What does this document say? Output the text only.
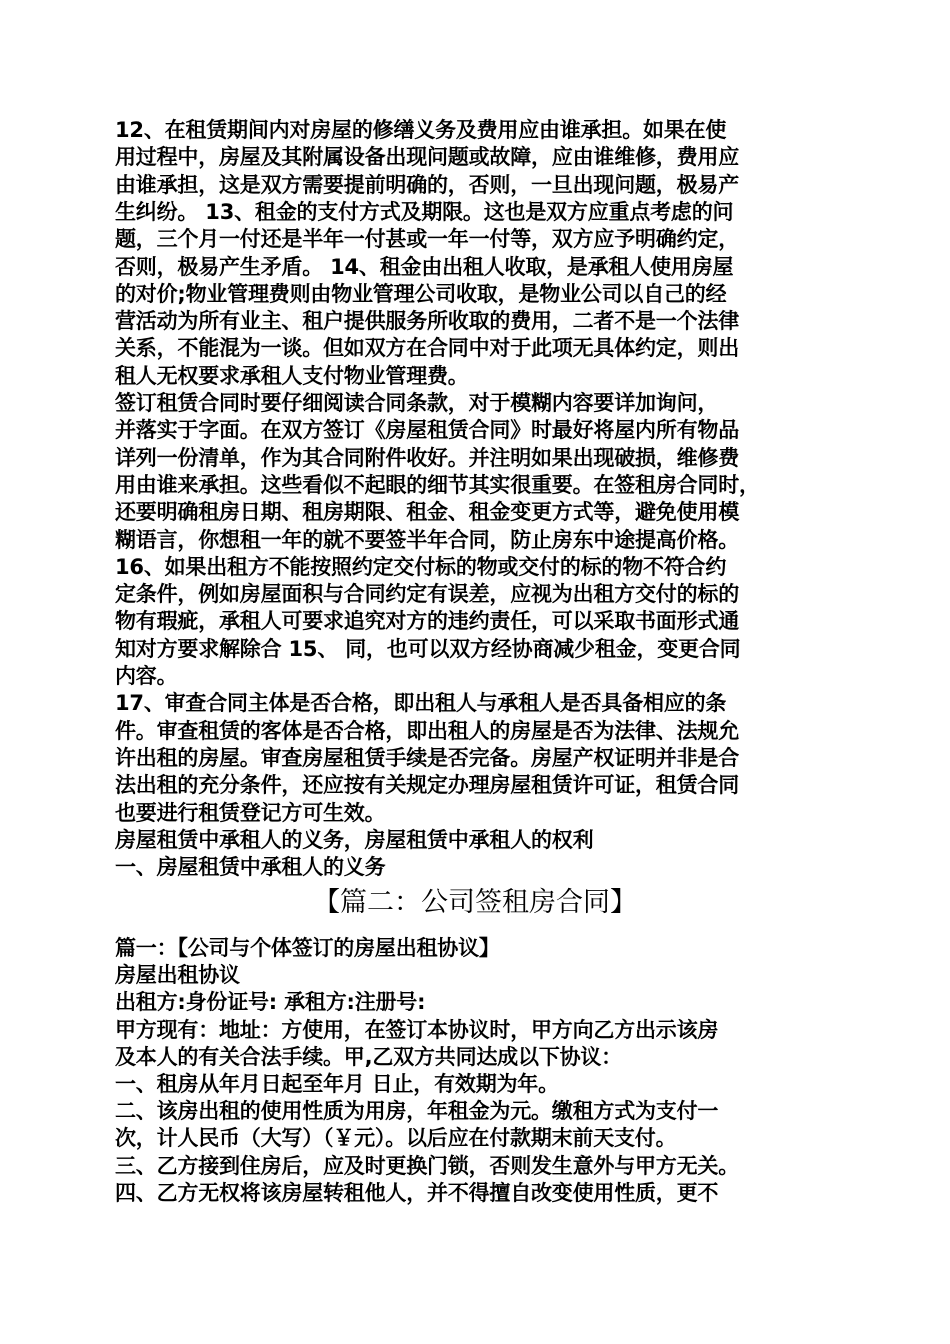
12、在租赁期间内对房屋的修缮义务及费用应由谁承担。如果在使
用过程中，房屋及其附属设备出现问题或故障，应由谁维修，费用应
由谁承担，这是双方需要提前明确的，否则，一旦出现问题，极易产
生纠纷。 13、租金的支付方式及期限。这也是双方应重点考虑的问
题，三个月一付还是半年一付甚或一年一付等，双方应予明确约定，
否则，极易产生矛盾。 14、租金由出租人收取，是承租人使用房屋
的对价;物业管理费则由物业管理公司收取，是物业公司以自己的经
营活动为所有业主、租户提供服务所收取的费用，二者不是一个法律
关系，不能混为一谈。但如双方在合同中对于此项无具体约定，则出
租人无权要求承租人支付物业管理费。
签订租赁合同时要仔细阅读合同条款，对于模糊内容要详加询问，
并落实于字面。在双方签订《房屋租赁合同》时最好将屋内所有物品
详列一份清单，作为其合同附件收好。并注明如果出现破损，维修费
用由谁来承担。这些看似不起眼的细节其实很重要。在签租房合同时，
还要明确租房日期、租房期限、租金、租金变更方式等，避免使用模
糊语言，你想租一年的就不要签半年合同，防止房东中途提高价格。
16、如果出租方不能按照约定交付标的物或交付的标的物不符合约
定条件，例如房屋面积与合同约定有误差，应视为出租方交付的标的
物有瑕疵，承租人可要求追究对方的违约责任，可以采取书面形式通
知对方要求解除合 15、 同，也可以双方经协商减少租金，变更合同
内容。
17、审查合同主体是否合格，即出租人与承租人是否具备相应的条
件。审查租赁的客体是否合格，即出租人的房屋是否为法律、法规允
许出租的房屋。审查房屋租赁手续是否完备。房屋产权证明并非是合
法出租的充分条件，还应按有关规定办理房屋租赁许可证，租赁合同
也要进行租赁登记方可生效。
房屋租赁中承租人的义务，房屋租赁中承租人的权利
一、房屋租赁中承租人的义务
【篇二：公司签租房合同】
篇一：【公司与个体签订的房屋出租协议】
房屋出租协议
出租方:身份证号: 承租方:注册号:
甲方现有：地址：方使用，在签订本协议时，甲方向乙方出示该房
及本人的有关合法手续。甲,乙双方共同达成以下协议：
一、租房从年月日起至年月 日止，有效期为年。
二、该房出租的使用性质为用房，年租金为元。缴租方式为支付一
次，计人民币（大写）（￥元）。以后应在付款期末前天支付。
三、乙方接到住房后，应及时更换门锁，否则发生意外与甲方无关。
四、乙方无权将该房屋转租他人，并不得擅自改变使用性质，更不
